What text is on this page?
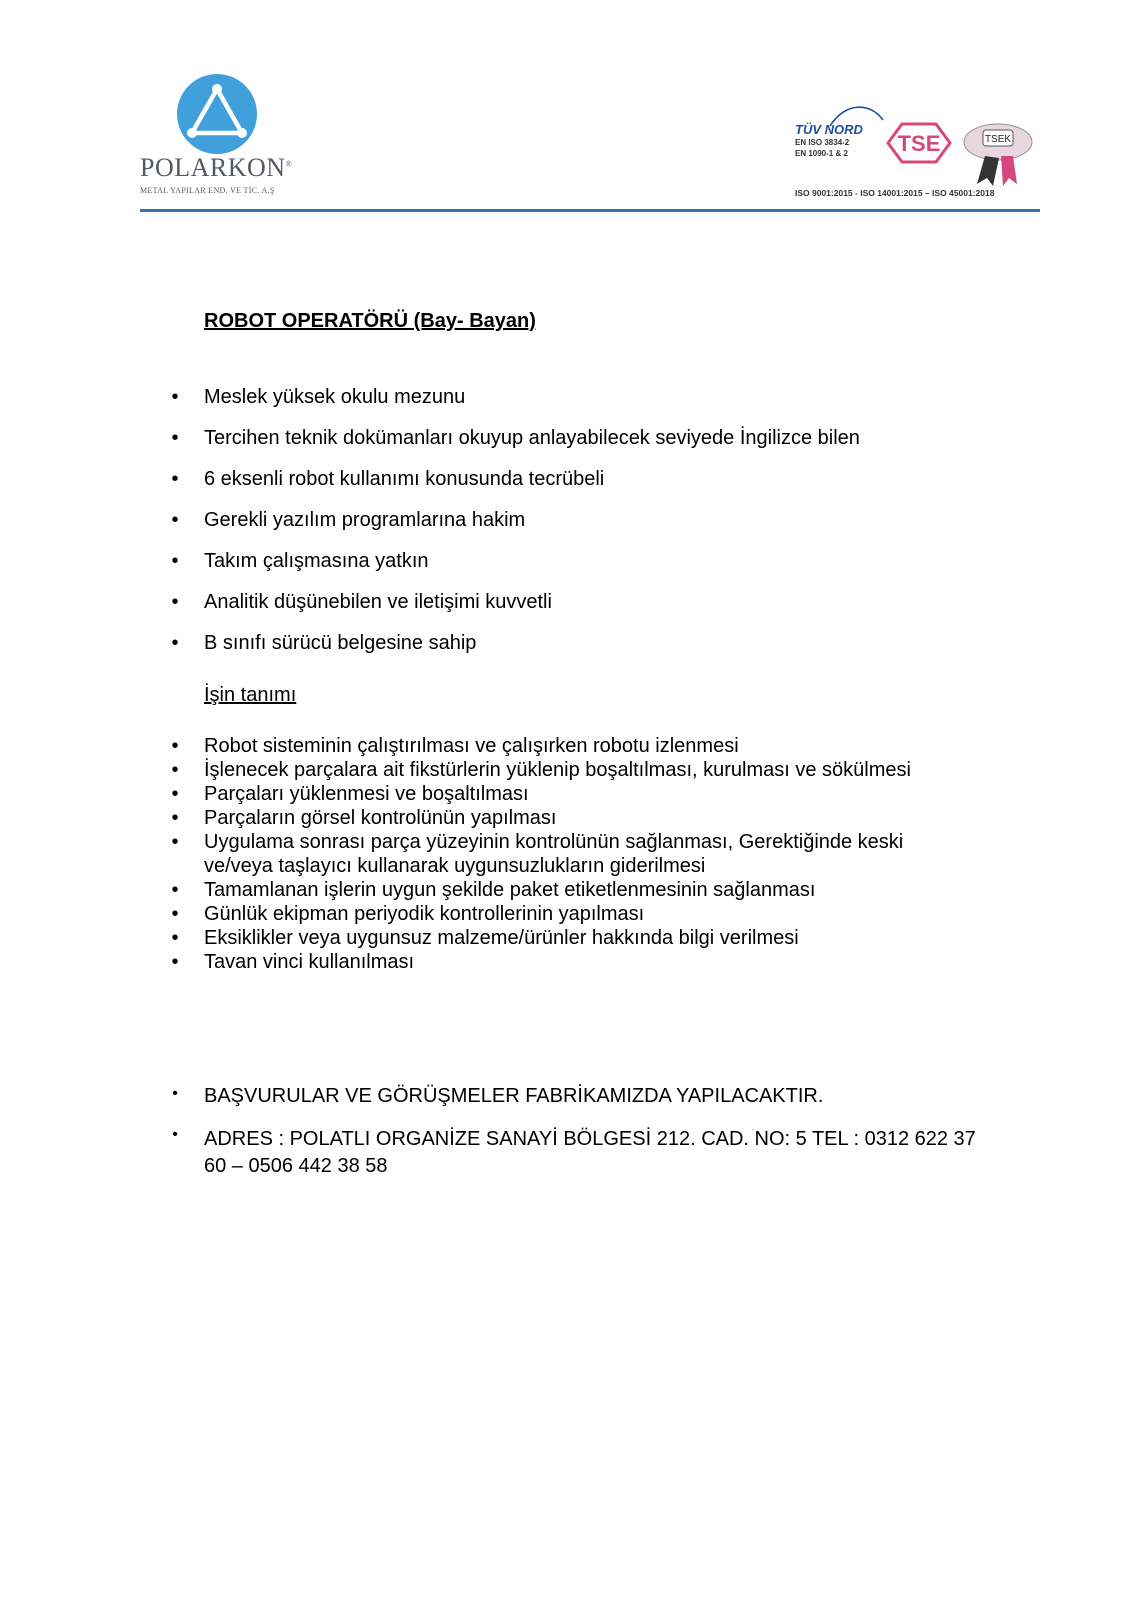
POLARKON®
METAL YAPILAR END. VE TİC. A.Ş
TÜV NORD
EN ISO 3834-2
EN 1090-1 & 2	TSE	TSEK
ISO 9001:2015 - ISO 14001:2015 – ISO 45001:2018
ROBOT OPERATÖRÜ (Bay- Bayan)
• Meslek yüksek okulu mezunu
• Tercihen teknik dokümanları okuyup anlayabilecek seviyede İngilizce bilen
• 6 eksenli robot kullanımı konusunda tecrübeli
• Gerekli yazılım programlarına hakim
• Takım çalışmasına yatkın
• Analitik düşünebilen ve iletişimi kuvvetli
• B sınıfı sürücü belgesine sahip
İşin tanımı
• Robot sisteminin çalıştırılması ve çalışırken robotu izlenmesi
• İşlenecek parçalara ait fikstürlerin yüklenip boşaltılması, kurulması ve sökülmesi
• Parçaları yüklenmesi ve boşaltılması
• Parçaların görsel kontrolünün yapılması
• Uygulama sonrası parça yüzeyinin kontrolünün sağlanması, Gerektiğinde keski
ve/veya taşlayıcı kullanarak uygunsuzlukların giderilmesi
• Tamamlanan işlerin uygun şekilde paket etiketlenmesinin sağlanması
• Günlük ekipman periyodik kontrollerinin yapılması
• Eksiklikler veya uygunsuz malzeme/ürünler hakkında bilgi verilmesi
• Tavan vinci kullanılması
• BAŞVURULAR VE GÖRÜŞMELER FABRİKAMIZDA YAPILACAKTIR.
• ADRES : POLATLI ORGANİZE SANAYİ BÖLGESİ 212. CAD. NO: 5 TEL : 0312 622 37 60 – 0506 442 38 58
